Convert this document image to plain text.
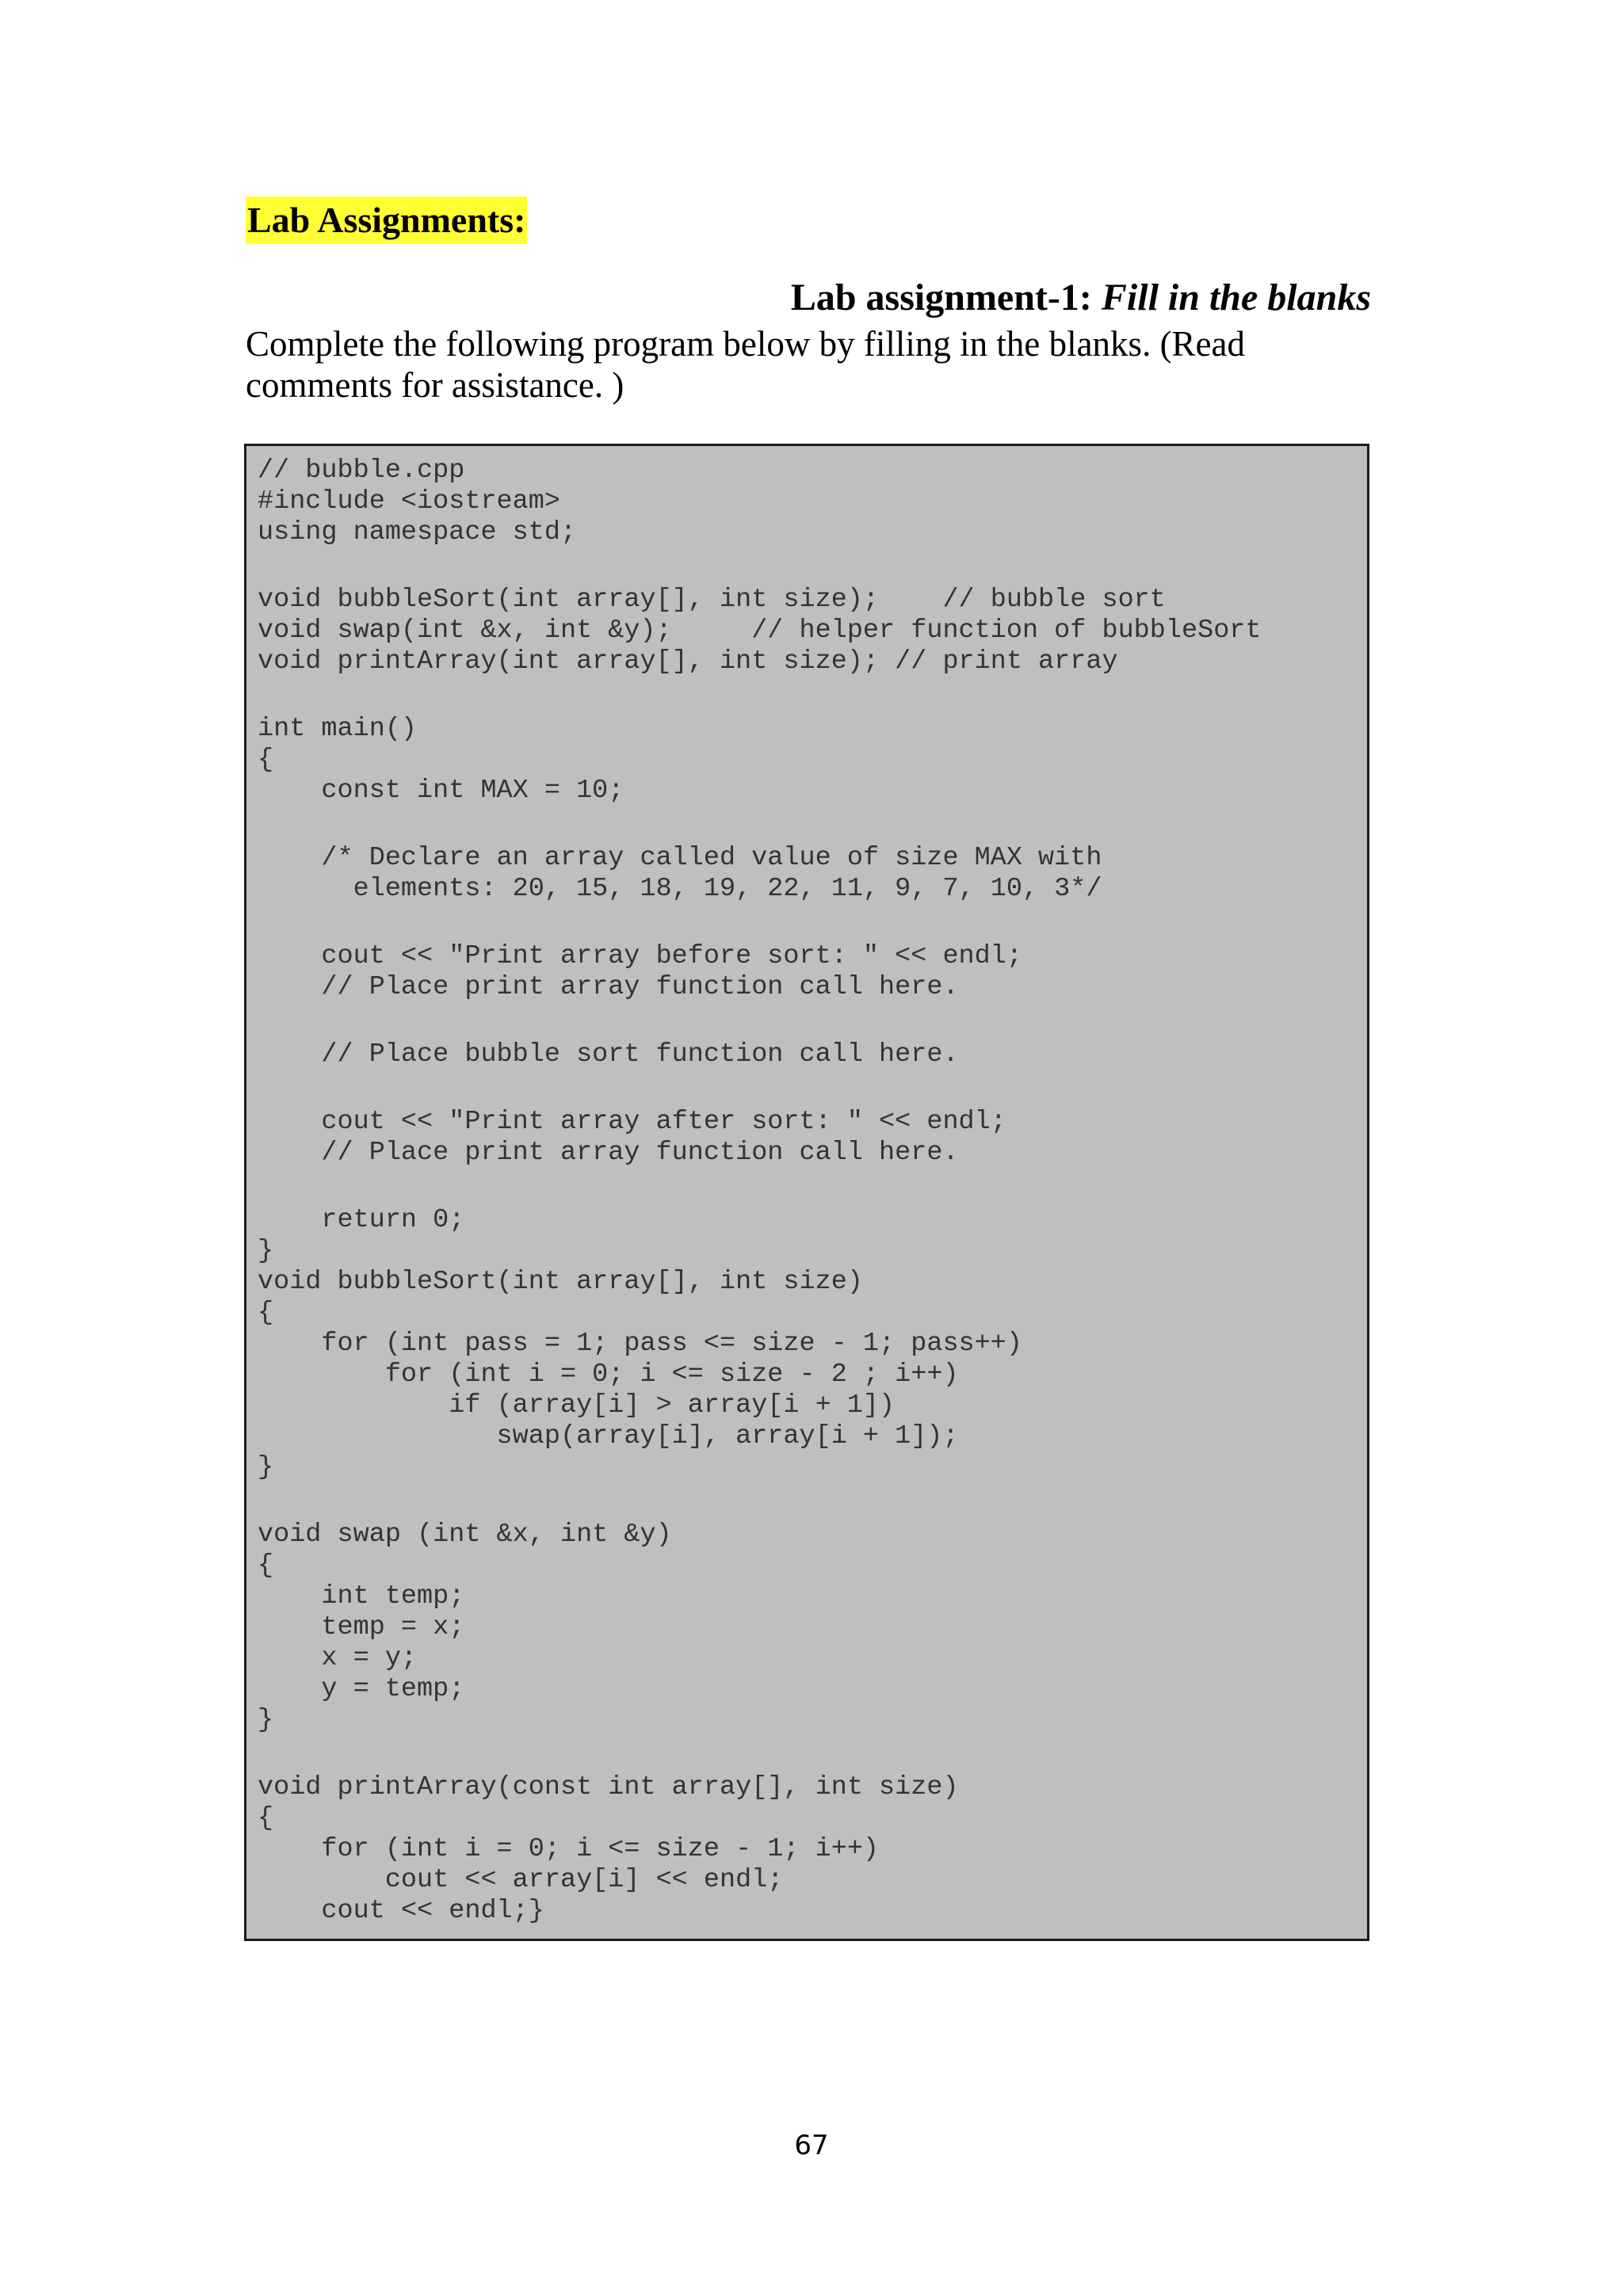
Lab Assignments:
Lab assignment-1: Fill in the blanks

Complete the following program below by filling in the blanks. (Read comments for assistance. )

// bubble.cpp
#include <iostream>
using namespace std;
void bubbleSort(int array[], int size);    // bubble sort
void swap(int &x, int &y);     // helper function of bubbleSort
void printArray(int array[], int size); // print array
int main()
{
const int MAX = 10;
/* Declare an array called value of size MAX with
elements: 20, 15, 18, 19, 22, 11, 9, 7, 10, 3*/
cout << "Print array before sort: " << endl;
// Place print array function call here.
// Place bubble sort function call here.
cout << "Print array after sort: " << endl;
// Place print array function call here.
return 0;
}
void bubbleSort(int array[], int size)
{
for (int pass = 1; pass <= size - 1; pass++)
for (int i = 0; i <= size - 2 ; i++)
if (array[i] > array[i + 1])
swap(array[i], array[i + 1]);
}
void swap (int &x, int &y)
{
int temp;
temp = x;
x = y;
y = temp;
}
void printArray(const int array[], int size)
{
for (int i = 0; i <= size - 1; i++)
cout << array[i] << endl;
cout << endl;}

67
